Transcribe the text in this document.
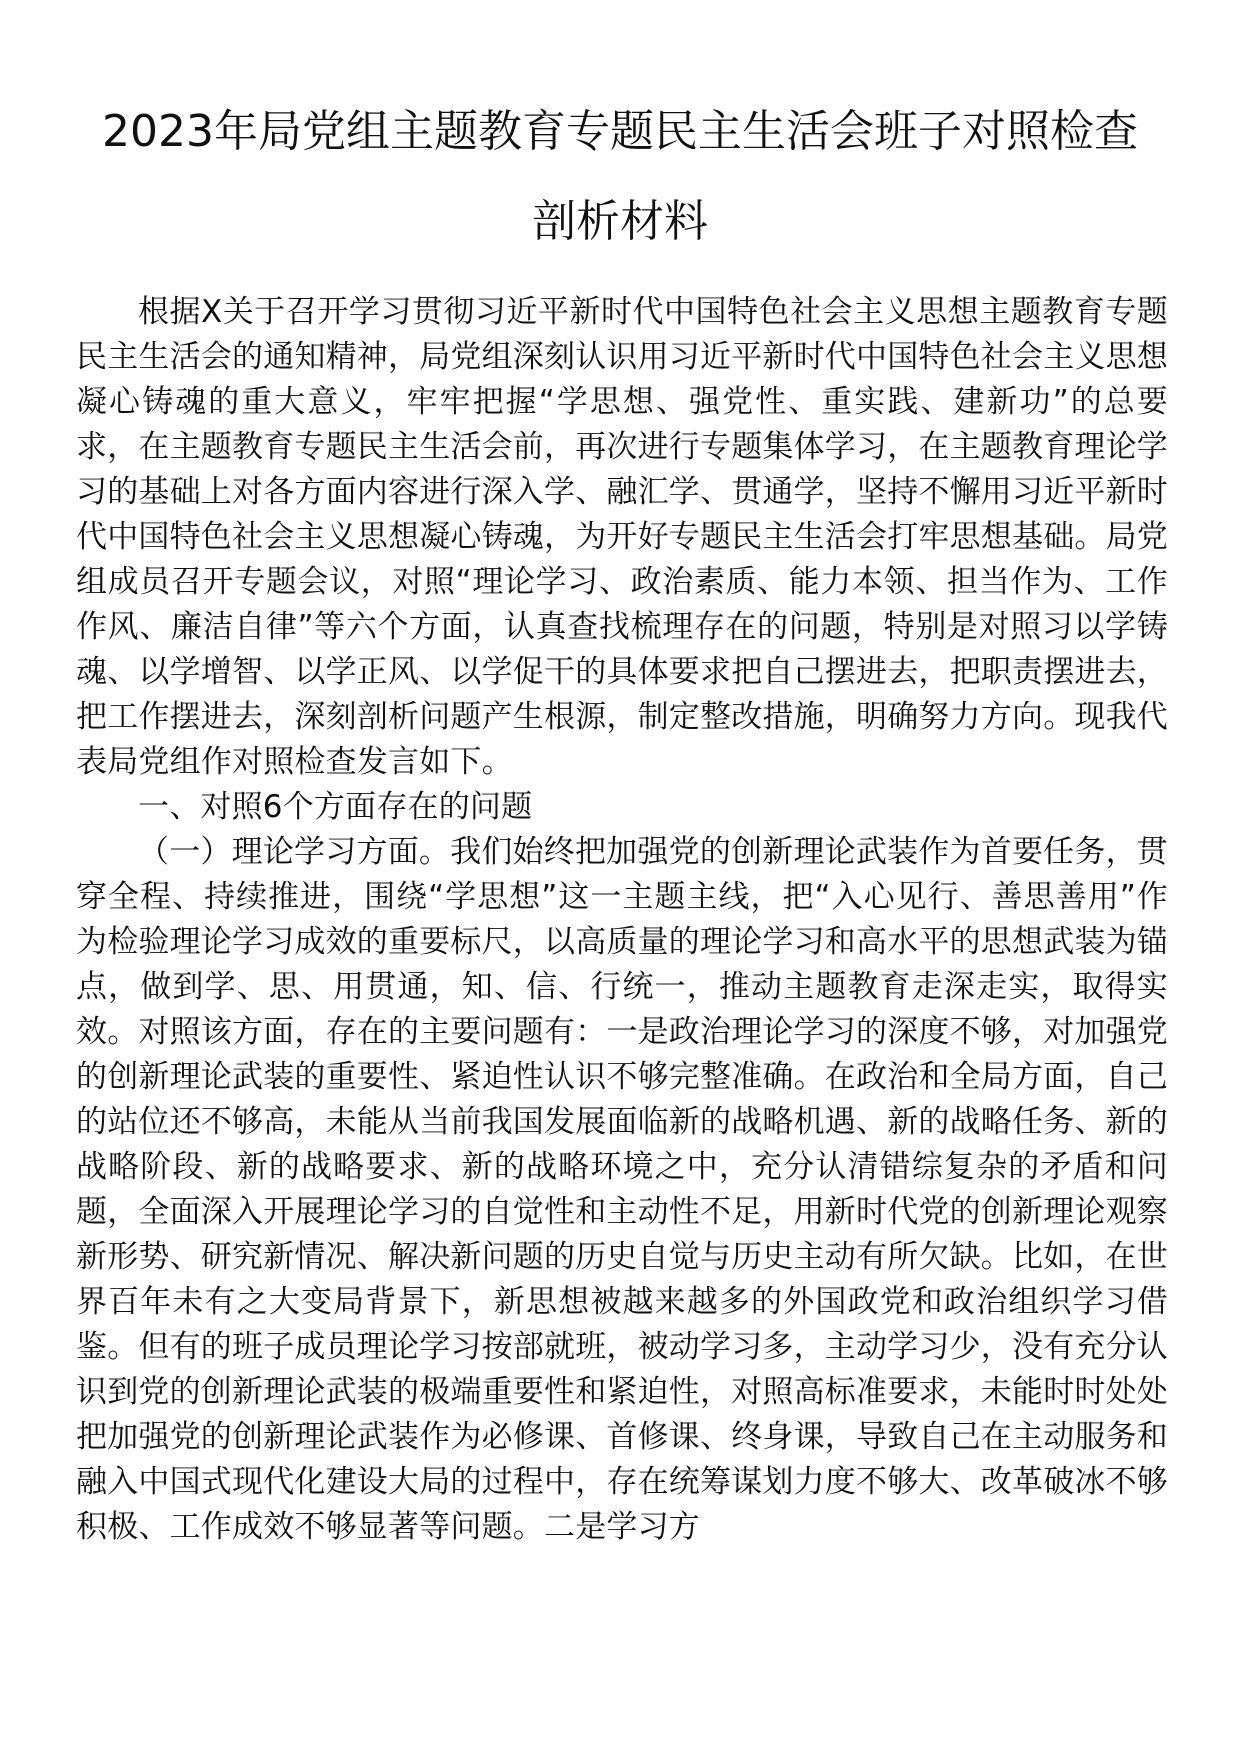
2023年局党组主题教育专题民主生活会班子对照检查
剖析材料

根据X关于召开学习贯彻习近平新时代中国特色社会主义思想主题教育专题民主生活会的通知精神，局党组深刻认识用习近平新时代中国特色社会主义思想凝心铸魂的重大意义，牢牢把握“学思想、强党性、重实践、建新功”的总要求，在主题教育专题民主生活会前，再次进行专题集体学习，在主题教育理论学习的基础上对各方面内容进行深入学、融汇学、贯通学，坚持不懈用习近平新时代中国特色社会主义思想凝心铸魂，为开好专题民主生活会打牢思想基础。局党组成员召开专题会议，对照“理论学习、政治素质、能力本领、担当作为、工作作风、廉洁自律”等六个方面，认真查找梳理存在的问题，特别是对照习以学铸魂、以学增智、以学正风、以学促干的具体要求把自己摆进去，把职责摆进去，把工作摆进去，深刻剖析问题产生根源，制定整改措施，明确努力方向。现我代表局党组作对照检查发言如下。

一、对照6个方面存在的问题

（一）理论学习方面。我们始终把加强党的创新理论武装作为首要任务，贯穿全程、持续推进，围绕“学思想”这一主题主线，把“入心见行、善思善用”作为检验理论学习成效的重要标尺，以高质量的理论学习和高水平的思想武装为锚点，做到学、思、用贯通，知、信、行统一，推动主题教育走深走实，取得实效。对照该方面，存在的主要问题有：一是政治理论学习的深度不够，对加强党的创新理论武装的重要性、紧迫性认识不够完整准确。在政治和全局方面，自己的站位还不够高，未能从当前我国发展面临新的战略机遇、新的战略任务、新的战略阶段、新的战略要求、新的战略环境之中，充分认清错综复杂的矛盾和问题，全面深入开展理论学习的自觉性和主动性不足，用新时代党的创新理论观察新形势、研究新情况、解决新问题的历史自觉与历史主动有所欠缺。比如，在世界百年未有之大变局背景下，新思想被越来越多的外国政党和政治组织学习借鉴。但有的班子成员理论学习按部就班，被动学习多，主动学习少，没有充分认识到党的创新理论武装的极端重要性和紧迫性，对照高标准要求，未能时时处处把加强党的创新理论武装作为必修课、首修课、终身课，导致自己在主动服务和融入中国式现代化建设大局的过程中，存在统筹谋划力度不够大、改革破冰不够积极、工作成效不够显著等问题。二是学习方
